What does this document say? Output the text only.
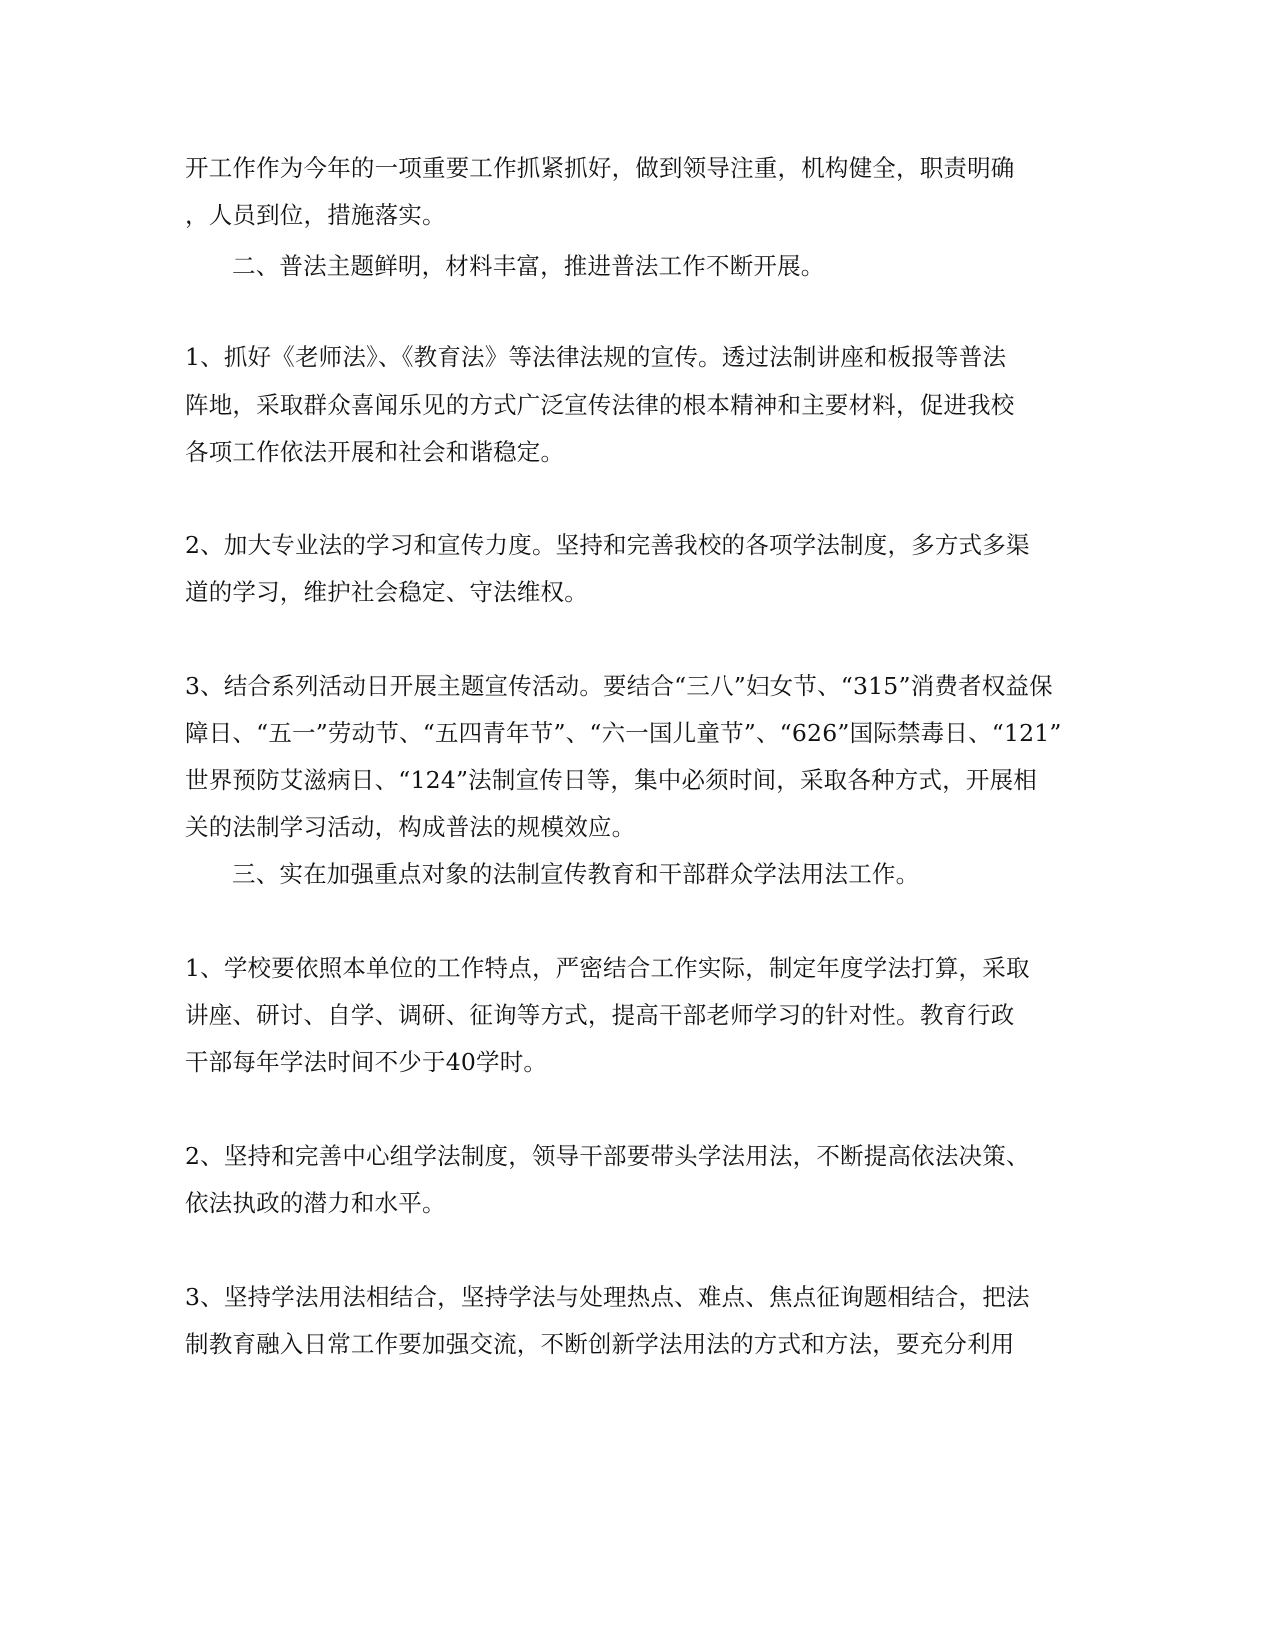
开工作作为今年的一项重要工作抓紧抓好，做到领导注重，机构健全，职责明确
，人员到位，措施落实。
二、普法主题鲜明，材料丰富，推进普法工作不断开展。
1、抓好《老师法》、《教育法》等法律法规的宣传。透过法制讲座和板报等普法
阵地，采取群众喜闻乐见的方式广泛宣传法律的根本精神和主要材料，促进我校
各项工作依法开展和社会和谐稳定。
2、加大专业法的学习和宣传力度。坚持和完善我校的各项学法制度，多方式多渠
道的学习，维护社会稳定、守法维权。
3、结合系列活动日开展主题宣传活动。要结合“三八”妇女节、“315”消费者权益保
障日、“五一”劳动节、“五四青年节”、“六一国儿童节”、“626”国际禁毒日、“121”
世界预防艾滋病日、“124”法制宣传日等，集中必须时间，采取各种方式，开展相
关的法制学习活动，构成普法的规模效应。
三、实在加强重点对象的法制宣传教育和干部群众学法用法工作。
1、学校要依照本单位的工作特点，严密结合工作实际，制定年度学法打算，采取
讲座、研讨、自学、调研、征询等方式，提高干部老师学习的针对性。教育行政
干部每年学法时间不少于40学时。
2、坚持和完善中心组学法制度，领导干部要带头学法用法，不断提高依法决策、
依法执政的潜力和水平。
3、坚持学法用法相结合，坚持学法与处理热点、难点、焦点征询题相结合，把法
制教育融入日常工作要加强交流，不断创新学法用法的方式和方法，要充分利用
